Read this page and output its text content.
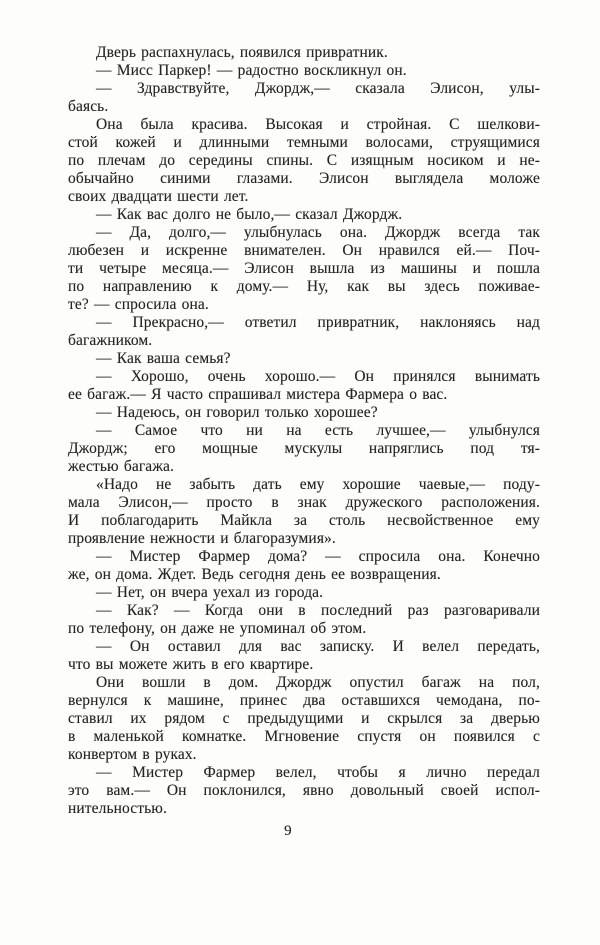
Дверь распахнулась, появился привратник.
— Мисс Паркер! — радостно воскликнул он.
— Здравствуйте, Джордж,— сказала Элисон, улы-
баясь.
Она была красива. Высокая и стройная. С шелкови-
стой кожей и длинными темными волосами, струящимися
по плечам до середины спины. С изящным носиком и не-
обычайно синими глазами. Элисон выглядела моложе
своих двадцати шести лет.
— Как вас долго не было,— сказал Джордж.
— Да, долго,— улыбнулась она. Джордж всегда так
любезен и искренне внимателен. Он нравился ей.— Поч-
ти четыре месяца.— Элисон вышла из машины и пошла
по направлению к дому.— Ну, как вы здесь поживае-
те? — спросила она.
— Прекрасно,— ответил привратник, наклоняясь над
багажником.
— Как ваша семья?
— Хорошо, очень хорошо.— Он принялся вынимать
ее багаж.— Я часто спрашивал мистера Фармера о вас.
— Надеюсь, он говорил только хорошее?
— Самое что ни на есть лучшее,— улыбнулся
Джордж; его мощные мускулы напряглись под тя-
жестью багажа.
«Надо не забыть дать ему хорошие чаевые,— поду-
мала Элисон,— просто в знак дружеского расположения.
И поблагодарить Майкла за столь несвойственное ему
проявление нежности и благоразумия».
— Мистер Фармер дома? — спросила она. Конечно
же, он дома. Ждет. Ведь сегодня день ее возвращения.
— Нет, он вчера уехал из города.
— Как? — Когда они в последний раз разговаривали
по телефону, он даже не упоминал об этом.
— Он оставил для вас записку. И велел передать,
что вы можете жить в его квартире.
Они вошли в дом. Джордж опустил багаж на пол,
вернулся к машине, принес два оставшихся чемодана, по-
ставил их рядом с предыдущими и скрылся за дверью
в маленькой комнатке. Мгновение спустя он появился с
конвертом в руках.
— Мистер Фармер велел, чтобы я лично передал
это вам.— Он поклонился, явно довольный своей испол-
нительностью.
9
